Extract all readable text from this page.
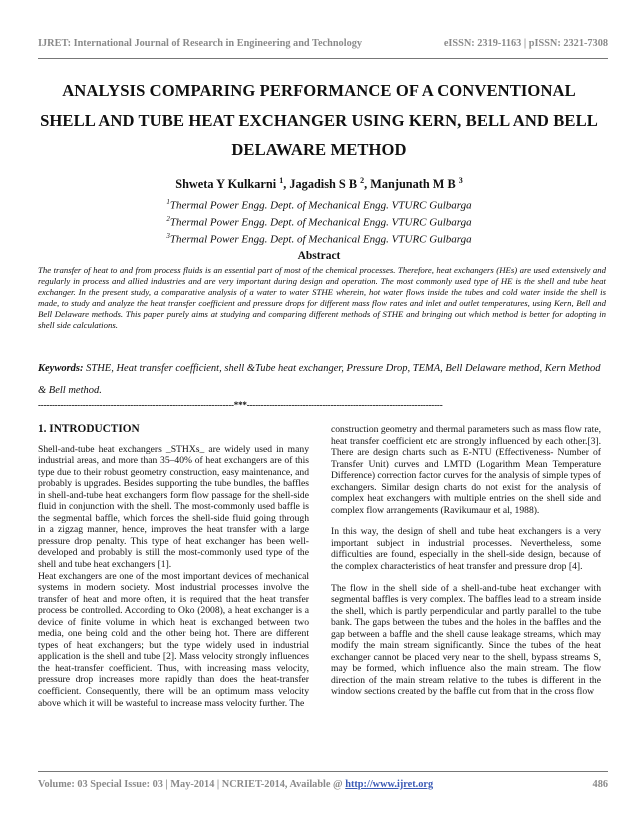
IJRET: International Journal of Research in Engineering and Technology	eISSN: 2319-1163 | pISSN: 2321-7308
ANALYSIS COMPARING PERFORMANCE OF A CONVENTIONAL
SHELL AND TUBE HEAT EXCHANGER USING KERN, BELL AND BELL
DELAWARE METHOD
Shweta Y Kulkarni $^1$, Jagadish S B $^2$, Manjunath M B $^3$
$^1$Thermal Power Engg. Dept. of Mechanical Engg. VTURC Gulbarga
$^2$Thermal Power Engg. Dept. of Mechanical Engg. VTURC Gulbarga
$^3$Thermal Power Engg. Dept. of Mechanical Engg. VTURC Gulbarga
Abstract
The transfer of heat to and from process fluids is an essential part of most of the chemical processes. Therefore, heat exchangers (HEs) are used extensively and regularly in process and allied industries and are very important during design and operation. The most commonly used type of HE is the shell and tube heat exchanger. In the present study, a comparative analysis of a water to water STHE wherein, hot water flows inside the tubes and cold water inside the shell is made, to study and analyze the heat transfer coefficient and pressure drops for different mass flow rates and inlet and outlet temperatures, using Kern, Bell and Bell Delaware methods. This paper purely aims at studying and comparing different methods of STHE and bringing out which method is better for adopting in shell side calculations.
Keywords: STHE, Heat transfer coefficient, shell &Tube heat exchanger, Pressure Drop, TEMA, Bell Delaware method, Kern Method & Bell method.
----------------------------------------------------------------------***----------------------------------------------------------------------
1. INTRODUCTION

Shell-and-tube heat exchangers _STHXs_ are widely used in many industrial areas, and more than 35–40% of heat exchangers are of this type due to their robust geometry construction, easy maintenance, and probably is upgrades. Besides supporting the tube bundles, the baffles in shell-and-tube heat exchangers form flow passage for the shell-side fluid in conjunction with the shell. The most-commonly used baffle is the segmental baffle, which forces the shell-side fluid going through in a zigzag manner, hence, improves the heat transfer with a large pressure drop penalty. This type of heat exchanger has been well-developed and probably is still the most-commonly used type of the shell and tube heat exchangers [1].

Heat exchangers are one of the most important devices of mechanical systems in modern society. Most industrial processes involve the transfer of heat and more often, it is required that the heat transfer process be controlled. According to Oko (2008), a heat exchanger is a device of finite volume in which heat is exchanged between two media, one being cold and the other being hot. There are different types of heat exchangers; but the type widely used in industrial application is the shell and tube [2]. Mass velocity strongly influences the heat-transfer coefficient. Thus, with increasing mass velocity, pressure drop increases more rapidly than does the heat-transfer coefficient. Consequently, there will be an optimum mass velocity above which it will be wasteful to increase mass velocity further. The

construction geometry and thermal parameters such as mass flow rate, heat transfer coefficient etc are strongly influenced by each other.[3]. There are design charts such as E-NTU (Effectiveness- Number of Transfer Unit) curves and LMTD (Logarithm Mean Temperature Difference) correction factor curves for the analysis of simple types of exchangers. Similar design charts do not exist for the analysis of complex heat exchangers with multiple entries on the shell side and complex flow arrangements (Ravikumaur et al, 1988).

In this way, the design of shell and tube heat exchangers is a very important subject in industrial processes. Nevertheless, some difficulties are found, especially in the shell-side design, because of the complex characteristics of heat transfer and pressure drop [4].

The flow in the shell side of a shell-and-tube heat exchanger with segmental baffles is very complex. The baffles lead to a stream inside the shell, which is partly perpendicular and partly parallel to the tube bank. The gaps between the tubes and the holes in the baffles and the gap between a baffle and the shell cause leakage streams, which may modify the main stream significantly. Since the tubes of the heat exchanger cannot be placed very near to the shell, bypass streams S, may be formed, which influence also the main stream. The flow direction of the main stream relative to the tubes is different in the window sections created by the baffle cut from that in the cross flow

Volume: 03 Special Issue: 03 | May-2014 | NCRIET-2014, Available @ http://www.ijret.org	486
